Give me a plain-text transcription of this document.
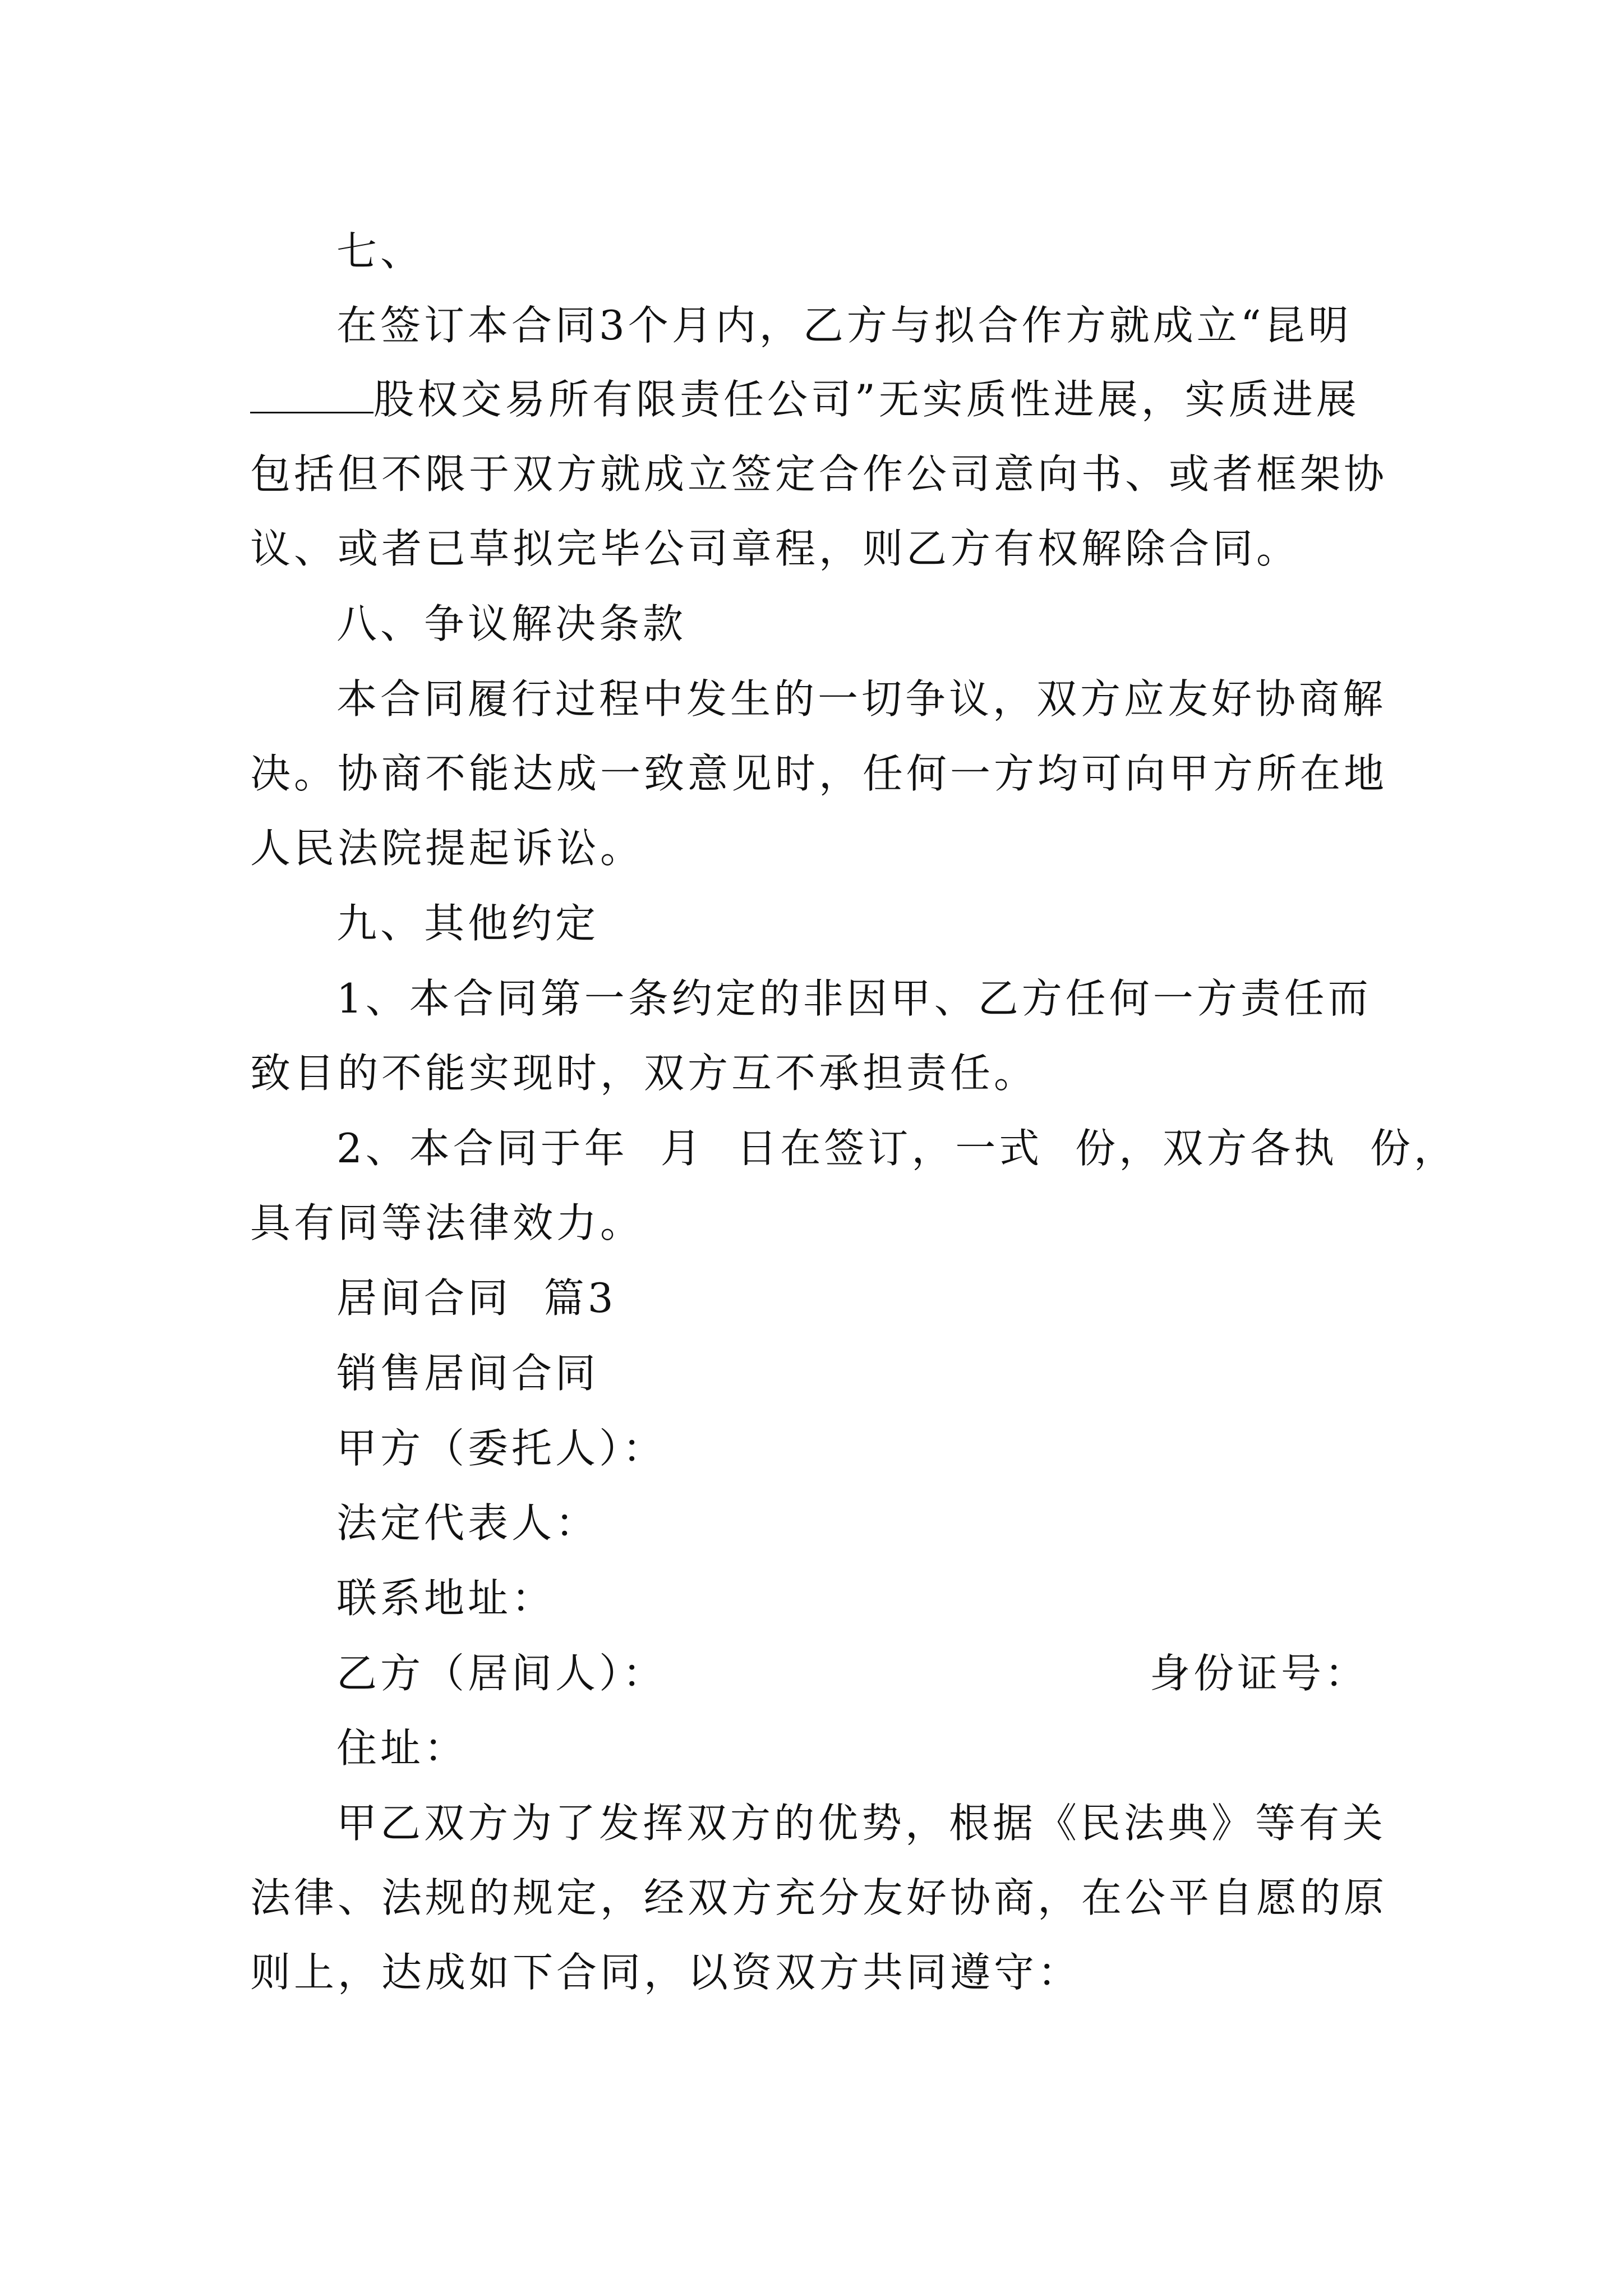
七、
在签订本合同3个月内，乙方与拟合作方就成立“昆明
股权交易所有限责任公司”无实质性进展，实质进展
包括但不限于双方就成立签定合作公司意向书、或者框架协
议、或者已草拟完毕公司章程，则乙方有权解除合同。
八、争议解决条款
本合同履行过程中发生的一切争议，双方应友好协商解
决。协商不能达成一致意见时，任何一方均可向甲方所在地
人民法院提起诉讼。
九、其他约定
1、本合同第一条约定的非因甲、乙方任何一方责任而
致目的不能实现时，双方互不承担责任。
2、本合同于年  月  日在签订，一式  份，双方各执  份，
具有同等法律效力。
居间合同  篇3
销售居间合同
甲方（委托人）：
法定代表人：
联系地址：
乙方（居间人）：	身份证号：
住址：
甲乙双方为了发挥双方的优势，根据《民法典》等有关
法律、法规的规定，经双方充分友好协商，在公平自愿的原
则上，达成如下合同，以资双方共同遵守：
